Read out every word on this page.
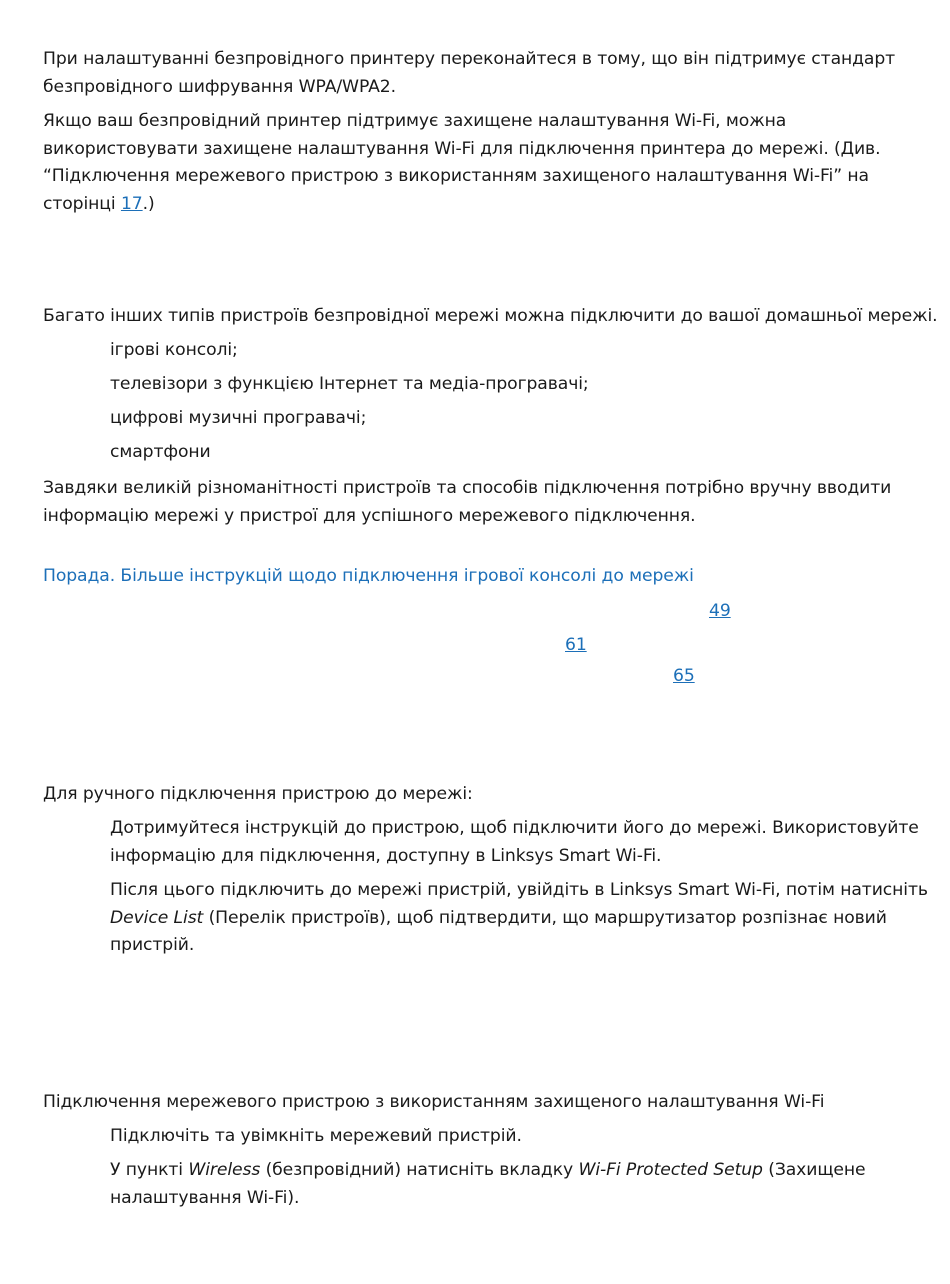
При налаштуванні безпровідного принтеру переконайтеся в тому, що він підтримує стандарт безпровідного шифрування WPA/WPA2.

Якщо ваш безпровідний принтер підтримує захищене налаштування Wi-Fi, можна використовувати захищене налаштування Wi-Fi для підключення принтера до мережі. (Див. “Підключення мережевого пристрою з використанням захищеного налаштування Wi-Fi” на сторінці 17.)

Багато інших типів пристроїв безпровідної мережі можна підключити до вашої домашньої мережі.

ігрові консолі;

телевізори з функцією Інтернет та медіа-програвачі;

цифрові музичні програвачі;

смартфони

Завдяки великій різноманітності пристроїв та способів підключення потрібно вручну вводити інформацію мережі у пристрої для успішного мережевого підключення.

Порада. Більше інструкцій щодо підключення ігрової консолі до мережі

49
61
65

Для ручного підключення пристрою до мережі:

Дотримуйтеся інструкцій до пристрою, щоб підключити його до мережі. Використовуйте інформацію для підключення, доступну в Linksys Smart Wi-Fi.

Після цього підключить до мережі пристрій, увійдіть в Linksys Smart Wi-Fi, потім натисніть Device List (Перелік пристроїв), щоб підтвердити, що маршрутизатор розпізнає новий пристрій.

Підключення мережевого пристрою з використанням захищеного налаштування Wi-Fi

Підключіть та увімкніть мережевий пристрій.

У пункті Wireless (безпровідний) натисніть вкладку Wi-Fi Protected Setup (Захищене налаштування Wi-Fi).
